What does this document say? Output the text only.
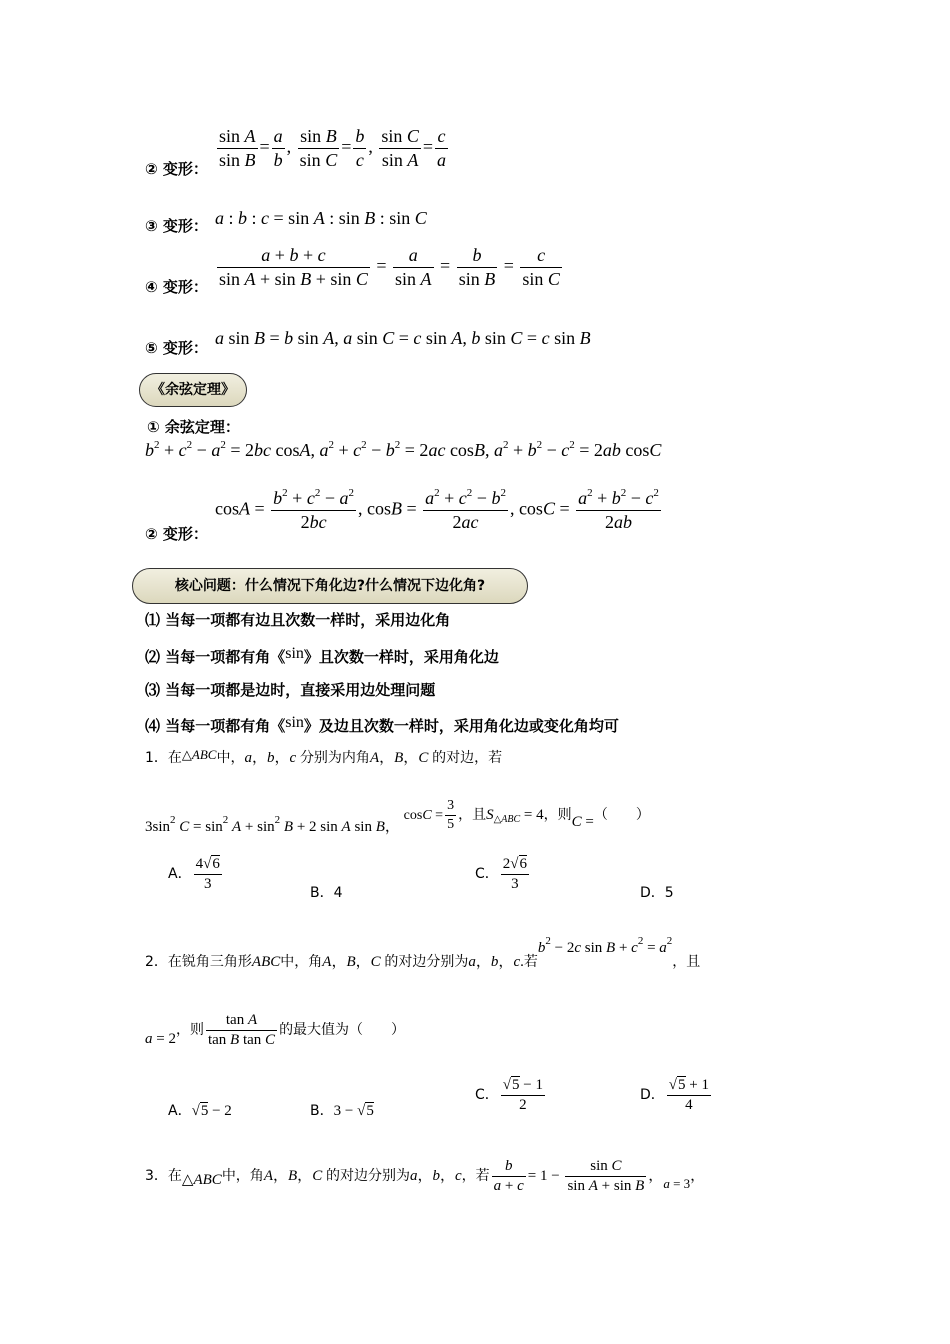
② 变形： $\frac{\text{sin A}}{\text{sin B}} = \frac{a}{b}$ , $\frac{\text{sin B}}{\text{sin C}} = \frac{b}{c}$ , $\frac{\text{sin C}}{\text{sin A}} = \frac{c}{a}$
③ 变形： a : b : c = sin A : sin B : sin C
④ 变形： $\frac{a + b + c}{\text{sin A + sin B + sin C}} = \frac{a}{\text{sin A}} = \frac{b}{\text{sin B}} = \frac{c}{\text{sin C}}$
⑤ 变形： a sin B = b sin A, a sin C = c sin A, b sin C = c sin B
《余弦定理》
① 余弦定理：
$b^2 + c^2 - a^2 = 2bc$ cosA, $a^2 + c^2 - b^2 = 2ac$ cosB, $a^2 + b^2 - c^2 = 2ab$ cosC
② 变形：
$\cos A = \frac{b^2 + c^2 - a^2}{2bc}$ , $\cos B = \frac{a^2 + c^2 - b^2}{2ac}$ , $\cos C = \frac{a^2 + b^2 - c^2}{2ab}$
核心问题：什么情况下角化边?什么情况下边化角?
⑴ 当每一项都有边且次数一样时，采用边化角
⑵ 当每一项都有角《sin》且次数一样时，采用角化边
⑶ 当每一项都是边时，直接采用边处理问题
⑷ 当每一项都有角《sin》及边且次数一样时，采用角化边或变化角均可
1．在△ABC中，a，b，c 分别为内角A，B，C 的对边，若
$3\sin^2$ $C = \sin^2 A + \sin^2 B + 2$ sin A sin B， $\cos C = \frac{3}{5}$ ，且$S_{\triangle ABC} = 4$，则C =（　　）
A． $\frac{4√6}{3}$	B．4
C． $\frac{2√6}{3}$	D．5
2．在锐角三角形ABC中，角A，B，C 的对边分别为a，b，c.若$b^2 - 2c$ $\sin B + c^2 = a^2$，且
a = 2，则 $\frac{\text{tan A}}{\text{tan B tan C}}$ 的最大值为（　　）
A．√5 − 2	B．3 − √5
C． $\frac{√5 - 1}{2}$	D． $\frac{√5 + 1}{4}$
3．在△ABC中，角A，B，C 的对边分别为a，b，c，若 $\frac{b}{a + c} = 1 - \frac{\text{sin C}}{\text{sin A + sin B}}$ ，a = 3，
